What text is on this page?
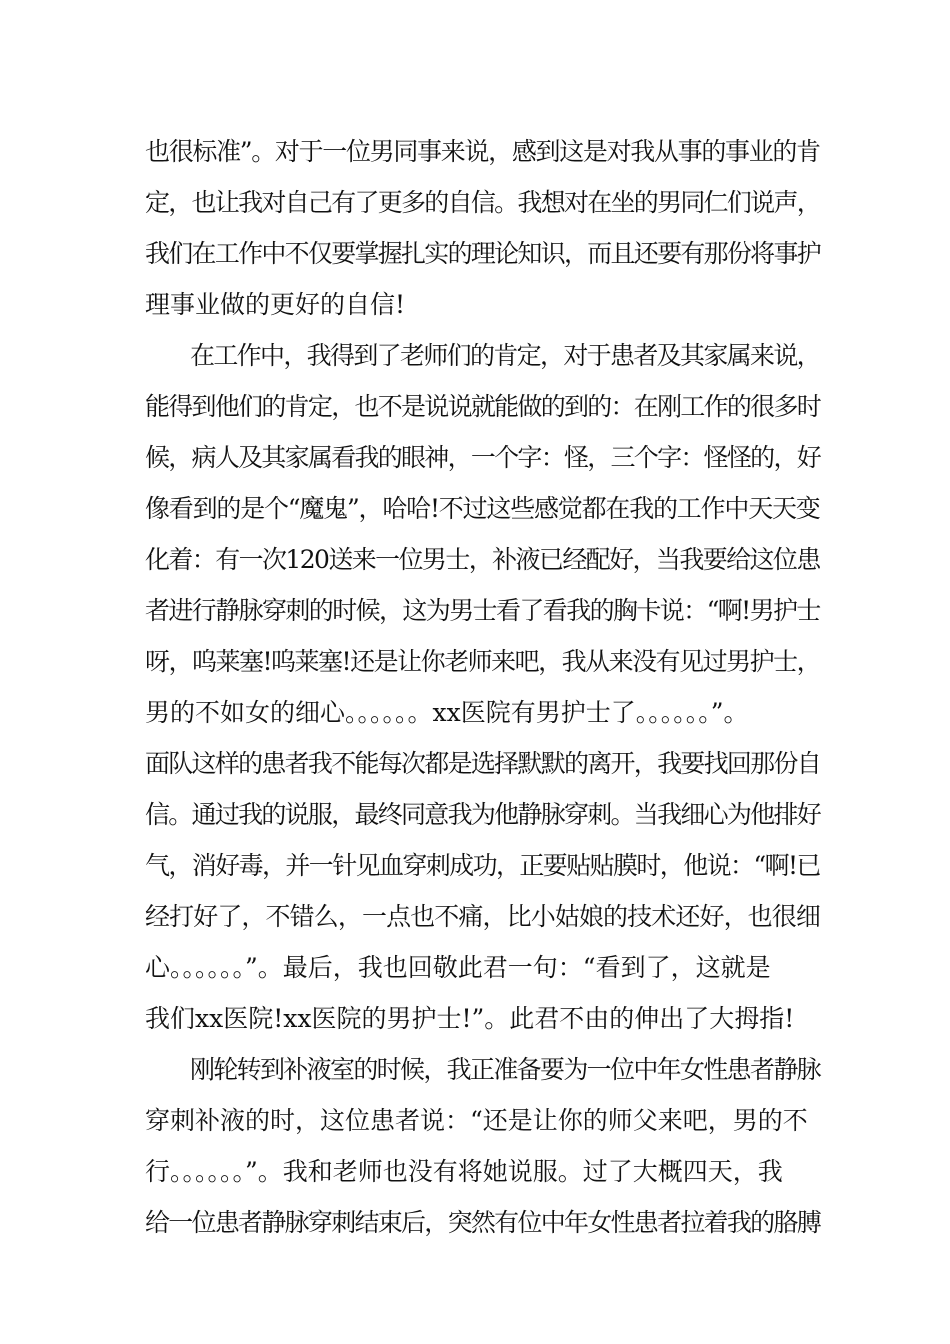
也很标准”。对于一位男同事来说，感到这是对我从事的事业的肯
定，也让我对自己有了更多的自信。我想对在坐的男同仁们说声，
我们在工作中不仅要掌握扎实的理论知识，而且还要有那份将事护
理事业做的更好的自信!
在工作中，我得到了老师们的肯定，对于患者及其家属来说，
能得到他们的肯定，也不是说说就能做的到的：在刚工作的很多时
候，病人及其家属看我的眼神，一个字：怪，三个字：怪怪的，好
像看到的是个“魔鬼”，哈哈!不过这些感觉都在我的工作中天天变
化着：有一次120送来一位男士，补液已经配好，当我要给这位患
者进行静脉穿刺的时候，这为男士看了看我的胸卡说：“啊!男护士
呀，呜莱塞!呜莱塞!还是让你老师来吧，我从来没有见过男护士，
男的不如女的细心。。。。。。xx医院有男护士了。。。。。。”。
面队这样的患者我不能每次都是选择默默的离开，我要找回那份自
信。通过我的说服，最终同意我为他静脉穿刺。当我细心为他排好
气，消好毒，并一针见血穿刺成功，正要贴贴膜时，他说：“啊!已
经打好了，不错么，一点也不痛，比小姑娘的技术还好，也很细
心。。。。。。”。最后，我也回敬此君一句：“看到了，这就是
我们xx医院!xx医院的男护士!”。此君不由的伸出了大拇指!
刚轮转到补液室的时候，我正准备要为一位中年女性患者静脉
穿刺补液的时，这位患者说：“还是让你的师父来吧，男的不
行。。。。。。”。我和老师也没有将她说服。过了大概四天，我
给一位患者静脉穿刺结束后，突然有位中年女性患者拉着我的胳膊
